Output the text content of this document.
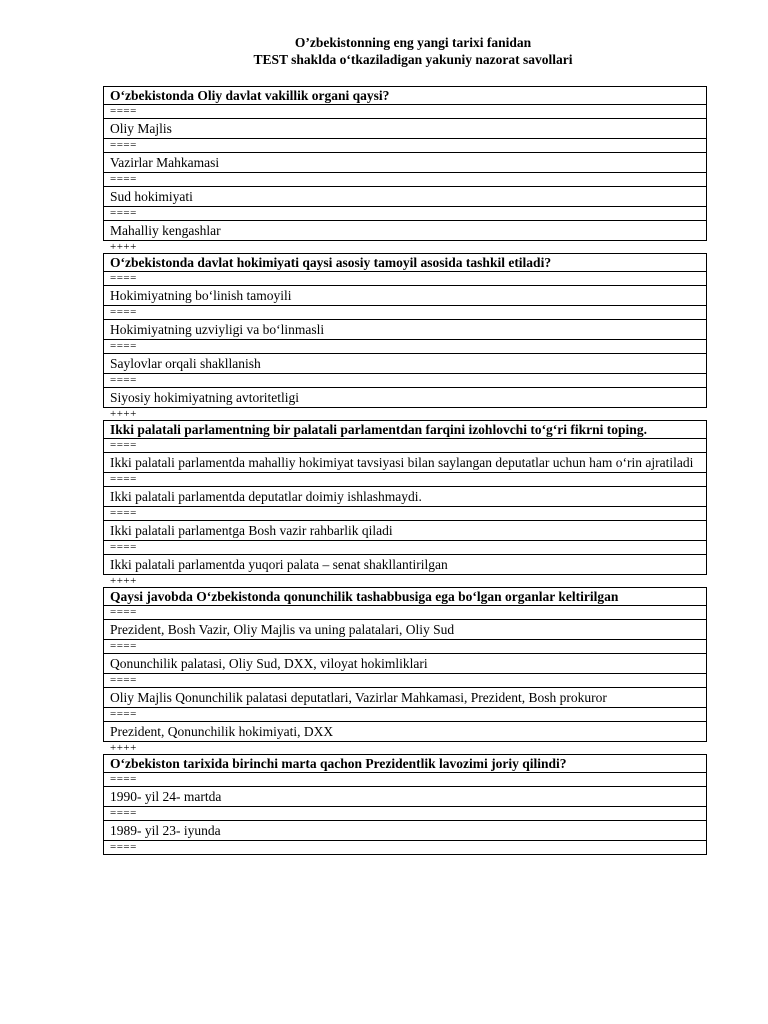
O’zbekistonning eng yangi tarixi fanidan
TEST shaklda o‘tkaziladigan yakuniy nazorat savollari
O‘zbekistonda Oliy davlat vakillik organi qaysi?
====
Oliy Majlis
====
Vazirlar Mahkamasi
====
Sud hokimiyati
====
Mahalliy kengashlar
++++
O‘zbekistonda davlat hokimiyati qaysi asosiy tamoyil asosida tashkil etiladi?
====
Hokimiyatning bo‘linish tamoyili
====
Hokimiyatning uzviyligi va bo‘linmasli
====
Saylovlar orqali shakllanish
====
Siyosiy hokimiyatning avtoritetligi
++++
Ikki palatali parlamentning bir palatali parlamentdan farqini izohlovchi to‘g‘ri fikrni toping.
====
Ikki palatali parlamentda mahalliy hokimiyat tavsiyasi bilan saylangan deputatlar uchun ham o‘rin ajratiladi
====
Ikki palatali parlamentda deputatlar doimiy ishlashmaydi.
====
Ikki palatali parlamentga Bosh vazir rahbarlik qiladi
====
Ikki palatali parlamentda yuqori palata – senat shakllantirilgan
++++
Qaysi javobda O‘zbekistonda qonunchilik tashabbusiga ega bo‘lgan organlar keltirilgan
====
Prezident, Bosh Vazir, Oliy Majlis va uning palatalari, Oliy Sud
====
Qonunchilik palatasi, Oliy Sud, DXX, viloyat hokimliklari
====
Oliy Majlis Qonunchilik palatasi deputatlari, Vazirlar Mahkamasi, Prezident, Bosh prokuror
====
Prezident, Qonunchilik hokimiyati, DXX
++++
O‘zbekiston tarixida birinchi marta qachon Prezidentlik lavozimi joriy qilindi?
====
1990- yil 24- martda
====
1989- yil 23- iyunda
====
